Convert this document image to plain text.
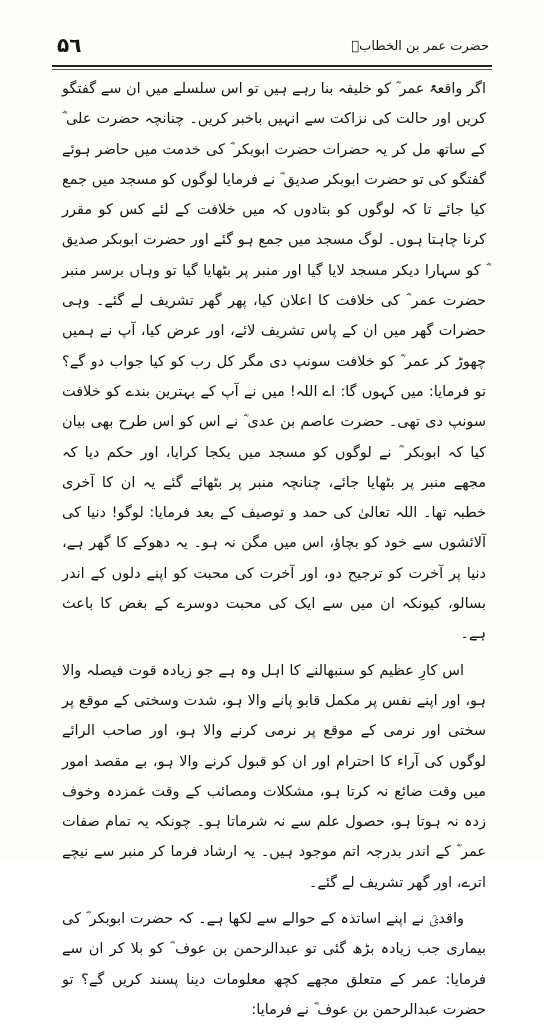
حضرت عمر بن الخطابؓ
۵٦

اگر واقعۃً عمر ؓ کو خلیفہ بنا رہے ہیں تو اس سلسلے میں ان سے گفتگو کریں اور حالت کی نزاکت سے انہیں باخبر کریں۔ چنانچہ حضرت علی ؓ کے ساتھ مل کر یہ حضرات حضرت ابوبکر ؓ کی خدمت میں حاضر ہوئے گفتگو کی تو حضرت ابوبکر صدیق ؓ نے فرمایا لوگوں کو مسجد میں جمع کیا جائے تا کہ لوگوں کو بتادوں کہ میں خلافت کے لئے کس کو مقرر کرنا چاہتا ہوں۔ لوگ مسجد میں جمع ہو گئے اور حضرت ابوبکر صدیق ؓ کو سہارا دیکر مسجد لایا گیا اور منبر پر بٹھایا گیا تو وہاں برسر منبر حضرت عمر ؓ کی خلافت کا اعلان کیا، پھر گھر تشریف لے گئے۔ وہی حضرات گھر میں ان کے پاس تشریف لائے، اور عرض کیا، آپ نے ہمیں چھوڑ کر عمر ؓ کو خلافت سونپ دی مگر کل رب کو کیا جواب دو گے؟ تو فرمایا: میں کہوں گا: اے اللہ! میں نے آپ کے بہترین بندے کو خلافت سونپ دی تھی۔ حضرت عاصم بن عدی ؓ نے اس کو اس طرح بھی بیان کیا کہ ابوبکر ؓ نے لوگوں کو مسجد میں یکجا کرایا، اور حکم دیا کہ مجھے منبر پر بٹھایا جائے، چنانچہ منبر پر بٹھائے گئے یہ ان کا آخری خطبہ تھا۔ اللہ تعالیٰ کی حمد و توصیف کے بعد فرمایا: لوگو! دنیا کی آلائشوں سے خود کو بچاؤ، اس میں مگن نہ ہو۔ یہ دھوکے کا گھر ہے، دنیا پر آخرت کو ترجیح دو، اور آخرت کی محبت کو اپنے دلوں کے اندر بسالو، کیونکہ ان میں سے ایک کی محبت دوسرے کے بغض کا باعث ہے۔

اس کارِ عظیم کو سنبھالنے کا اہل وہ ہے جو زیادہ قوت فیصلہ والا ہو، اور اپنے نفس پر مکمل قابو پانے والا ہو، شدت وسختی کے موقع پر سختی اور نرمی کے موقع پر نرمی کرنے والا ہو، اور صاحب الرائے لوگوں کی آراء کا احترام اور ان کو قبول کرنے والا ہو، بے مقصد امور میں وقت ضائع نہ کرتا ہو، مشکلات ومصائب کے وقت غمزدہ وخوف زدہ نہ ہوتا ہو، حصول علم سے نہ شرماتا ہو۔ چونکہ یہ تمام صفات عمر ؓ کے اندر بدرجہ اتم موجود ہیں۔ یہ ارشاد فرما کر منبر سے نیچے اترے، اور گھر تشریف لے گئے۔

واقدیؒ نے اپنے اساتذہ کے حوالے سے لکھا ہے۔ کہ حضرت ابوبکر ؓ کی بیماری جب زیادہ بڑھ گئی تو عبدالرحمن بن عوف ؓ کو بلا کر ان سے فرمایا: عمر کے متعلق مجھے کچھ معلومات دینا پسند کریں گے؟ تو حضرت عبدالرحمن بن عوف ؓ نے فرمایا:
